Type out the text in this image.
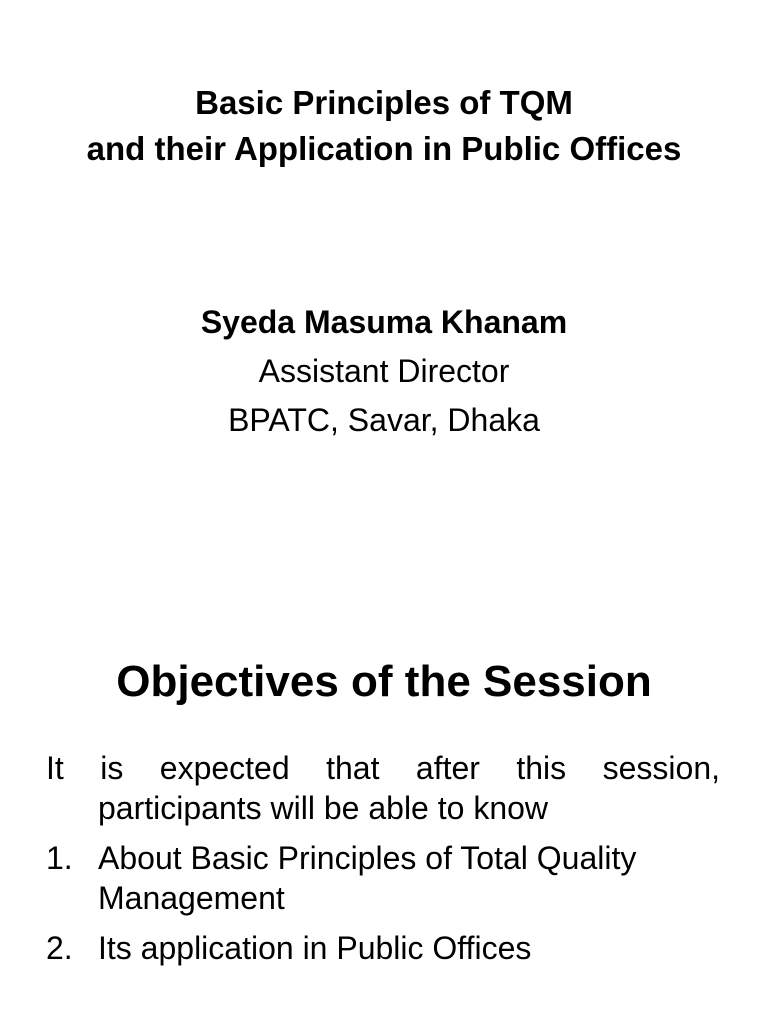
Basic Principles of TQM
and their Application in Public Offices
Syeda Masuma Khanam
Assistant Director
BPATC, Savar, Dhaka
Objectives of the Session
It is expected that after this session,
participants will be able to know
1. About Basic Principles of Total Quality Management
2. Its application in Public Offices
